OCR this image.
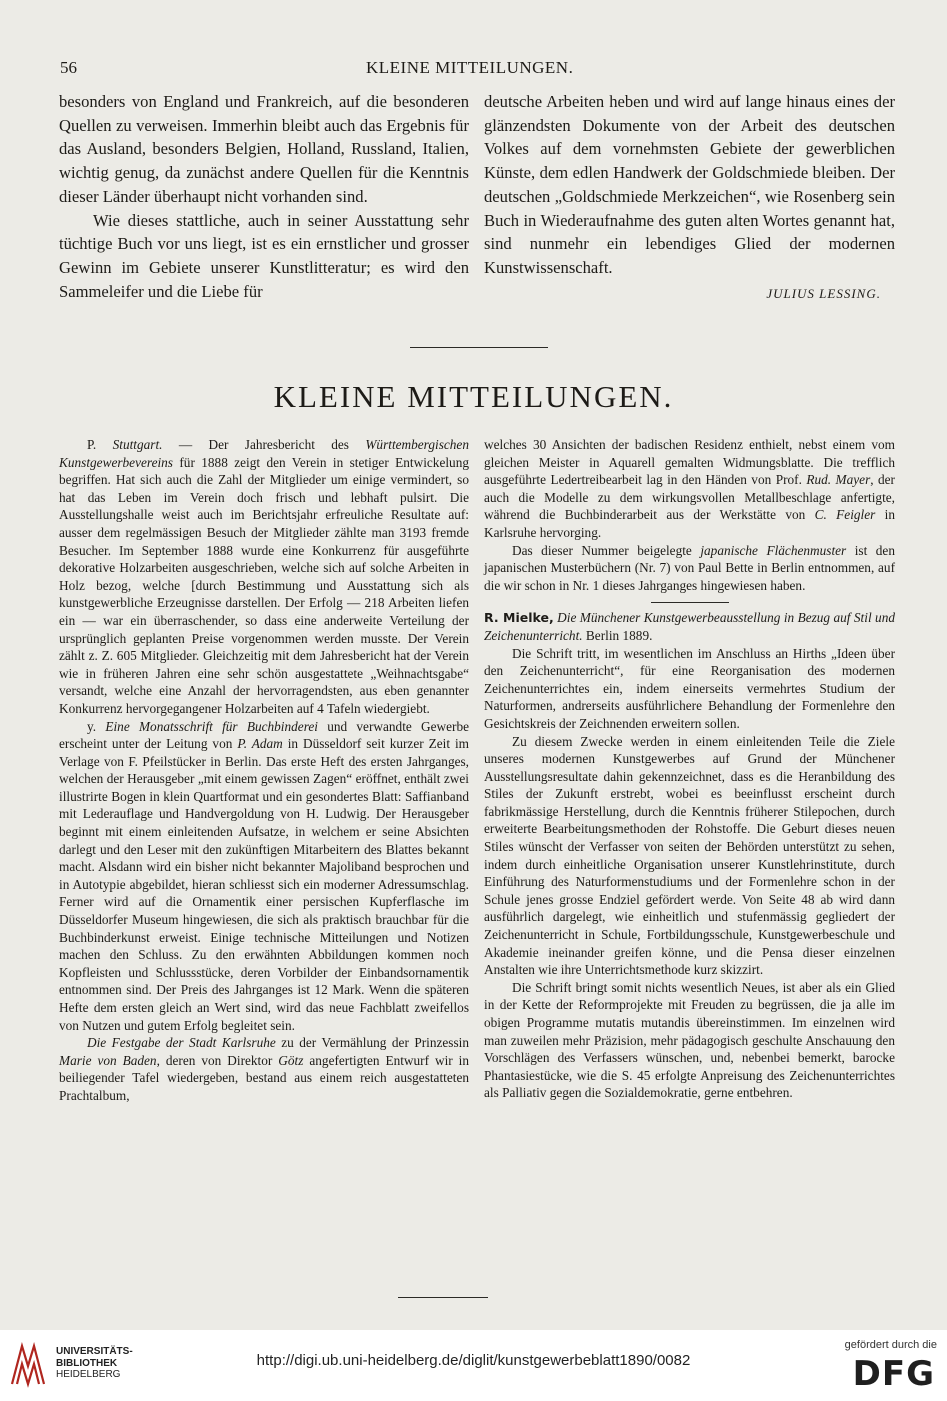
56	KLEINE MITTEILUNGEN.

besonders von England und Frankreich, auf die besonderen Quellen zu verweisen. Immerhin bleibt auch das Ergebnis für das Ausland, besonders Belgien, Holland, Russland, Italien, wichtig genug, da zunächst andere Quellen für die Kenntnis dieser Länder überhaupt nicht vorhanden sind.

Wie dieses stattliche, auch in seiner Ausstattung sehr tüchtige Buch vor uns liegt, ist es ein ernstlicher und grosser Gewinn im Gebiete unserer Kunstlitteratur; es wird den Sammeleifer und die Liebe für

deutsche Arbeiten heben und wird auf lange hinaus eines der glänzendsten Dokumente von der Arbeit des deutschen Volkes auf dem vornehmsten Gebiete der gewerblichen Künste, dem edlen Handwerk der Goldschmiede bleiben. Der deutschen „Goldschmiede Merkzeichen“, wie Rosenberg sein Buch in Wiederaufnahme des guten alten Wortes genannt hat, sind nunmehr ein lebendiges Glied der modernen Kunstwissenschaft.

JULIUS LESSING.

KLEINE MITTEILUNGEN.

P. Stuttgart. — Der Jahresbericht des Württembergischen Kunstgewerbevereins für 1888 zeigt den Verein in stetiger Entwickelung begriffen. Hat sich auch die Zahl der Mitglieder um einige vermindert, so hat das Leben im Verein doch frisch und lebhaft pulsirt. Die Ausstellungshalle weist auch im Berichtsjahr erfreuliche Resultate auf: ausser dem regelmässigen Besuch der Mitglieder zählte man 3193 fremde Besucher. Im September 1888 wurde eine Konkurrenz für ausgeführte dekorative Holzarbeiten ausgeschrieben, welche sich auf solche Arbeiten in Holz bezog, welche [durch Bestimmung und Ausstattung sich als kunstgewerbliche Erzeugnisse darstellen. Der Erfolg — 218 Arbeiten liefen ein — war ein überraschender, so dass eine anderweite Verteilung der ursprünglich geplanten Preise vorgenommen werden musste. Der Verein zählt z. Z. 605 Mitglieder. Gleichzeitig mit dem Jahresbericht hat der Verein wie in früheren Jahren eine sehr schön ausgestattete „Weihnachtsgabe“ versandt, welche eine Anzahl der hervorragendsten, aus eben genannter Konkurrenz hervorgegangener Holzarbeiten auf 4 Tafeln wiedergiebt.

y. Eine Monatsschrift für Buchbinderei und verwandte Gewerbe erscheint unter der Leitung von P. Adam in Düsseldorf seit kurzer Zeit im Verlage von F. Pfeilstücker in Berlin. Das erste Heft des ersten Jahrganges, welchen der Herausgeber „mit einem gewissen Zagen“ eröffnet, enthält zwei illustrirte Bogen in klein Quartformat und ein gesondertes Blatt: Saffianband mit Lederauflage und Handvergoldung von H. Ludwig. Der Herausgeber beginnt mit einem einleitenden Aufsatze, in welchem er seine Absichten darlegt und den Leser mit den zukünftigen Mitarbeitern des Blattes bekannt macht. Alsdann wird ein bisher nicht bekannter Majoliband besprochen und in Autotypie abgebildet, hieran schliesst sich ein moderner Adressumschlag. Ferner wird auf die Ornamentik einer persischen Kupferflasche im Düsseldorfer Museum hingewiesen, die sich als praktisch brauchbar für die Buchbinderkunst erweist. Einige technische Mitteilungen und Notizen machen den Schluss. Zu den erwähnten Abbildungen kommen noch Kopfleisten und Schlussstücke, deren Vorbilder der Einbandsornamentik entnommen sind. Der Preis des Jahrganges ist 12 Mark. Wenn die späteren Hefte dem ersten gleich an Wert sind, wird das neue Fachblatt zweifellos von Nutzen und gutem Erfolg begleitet sein.

Die Festgabe der Stadt Karlsruhe zu der Vermählung der Prinzessin Marie von Baden, deren von Direktor Götz angefertigten Entwurf wir in beiliegender Tafel wiedergeben, bestand aus einem reich ausgestatteten Prachtalbum,

welches 30 Ansichten der badischen Residenz enthielt, nebst einem vom gleichen Meister in Aquarell gemalten Widmungsblatte. Die trefflich ausgeführte Ledertreibearbeit lag in den Händen von Prof. Rud. Mayer, der auch die Modelle zu dem wirkungsvollen Metallbeschlage anfertigte, während die Buchbinderarbeit aus der Werkstätte von C. Feigler in Karlsruhe hervorging.

Das dieser Nummer beigelegte japanische Flächenmuster ist den japanischen Musterbüchern (Nr. 7) von Paul Bette in Berlin entnommen, auf die wir schon in Nr. 1 dieses Jahrganges hingewiesen haben.

R. Mielke, Die Münchener Kunstgewerbeausstellung in Bezug auf Stil und Zeichenunterricht. Berlin 1889.

Die Schrift tritt, im wesentlichen im Anschluss an Hirths „Ideen über den Zeichenunterricht“, für eine Reorganisation des modernen Zeichenunterrichtes ein, indem einerseits vermehrtes Studium der Naturformen, andrerseits ausführlichere Behandlung der Formenlehre den Gesichtskreis der Zeichnenden erweitern sollen.

Zu diesem Zwecke werden in einem einleitenden Teile die Ziele unseres modernen Kunstgewerbes auf Grund der Münchener Ausstellungsresultate dahin gekennzeichnet, dass es die Heranbildung des Stiles der Zukunft erstrebt, wobei es beeinflusst erscheint durch fabrikmässige Herstellung, durch die Kenntnis früherer Stilepochen, durch erweiterte Bearbeitungsmethoden der Rohstoffe. Die Geburt dieses neuen Stiles wünscht der Verfasser von seiten der Behörden unterstützt zu sehen, indem durch einheitliche Organisation unserer Kunstlehrinstitute, durch Einführung des Naturformenstudiums und der Formenlehre schon in der Schule jenes grosse Endziel gefördert werde. Von Seite 48 ab wird dann ausführlich dargelegt, wie einheitlich und stufenmässig gegliedert der Zeichenunterricht in Schule, Fortbildungsschule, Kunstgewerbeschule und Akademie ineinander greifen könne, und die Pensa dieser einzelnen Anstalten wie ihre Unterrichtsmethode kurz skizzirt.

Die Schrift bringt somit nichts wesentlich Neues, ist aber als ein Glied in der Kette der Reformprojekte mit Freuden zu begrüssen, die ja alle im obigen Programme mutatis mutandis übereinstimmen. Im einzelnen wird man zuweilen mehr Präzision, mehr pädagogisch geschulte Anschauung den Vorschlägen des Verfassers wünschen, und, nebenbei bemerkt, barocke Phantasiestücke, wie die S. 45 erfolgte Anpreisung des Zeichenunterrichtes als Palliativ gegen die Sozialdemokratie, gerne entbehren.

UNIVERSITÄTS-
BIBLIOTHEK
HEIDELBERG
http://digi.ub.uni-heidelberg.de/diglit/kunstgewerbeblatt1890/0082
gefördert durch die
DFG
